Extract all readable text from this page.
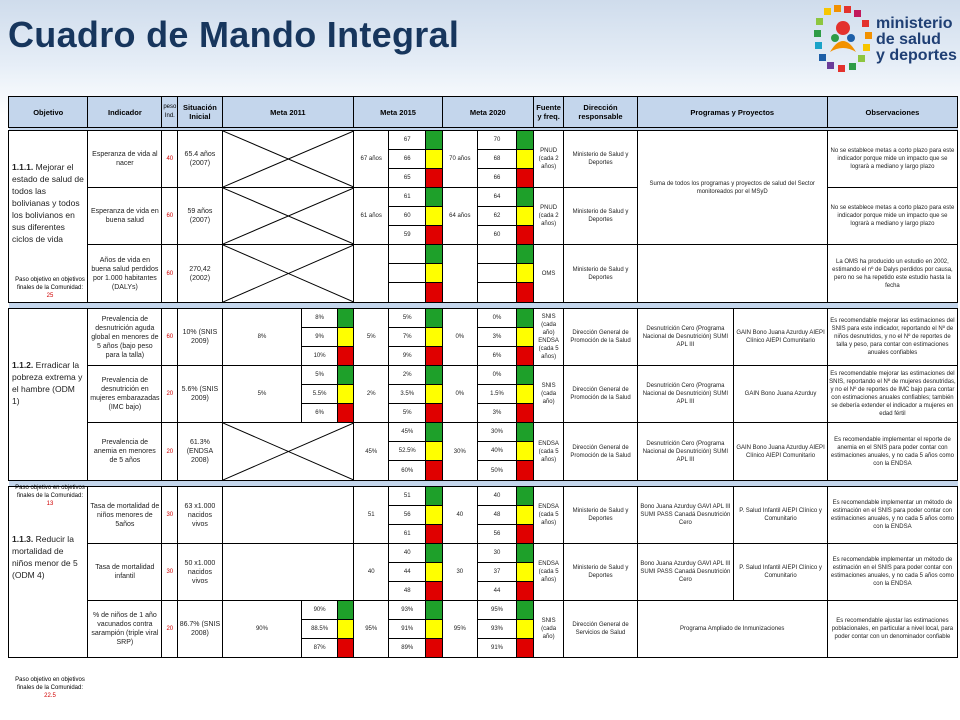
Cuadro de Mando Integral	ministerio
de salud
y deportes
Objetivo	Indicador	peso Ind.	Situación Inicial	Meta 2011			Meta 2015			Meta 2020			Fuente y freq.	Dirección responsable	Programas y Proyectos		Observaciones

1.1.1. Mejorar el estado de salud de todos las bolivianas y todos los bolivianos en sus diferentes ciclos de vida	Esperanza de vida al nacer	40	65.4 años (2007)				67 años	67		70 años	70		PNUD (cada 2 años)	Ministerio de Salud y Deportes	Suma de todos los programas y proyectos de salud del Sector monitoreados por el MSyD		No se establece metas a corto plazo para este indicador porque mide un impacto que se lograrà a mediano y largo plazo
								66			68						
								65			66						
	Esperanza de vida en buena salud	60	59 años (2007)				61 años	61		64 años	64		PNUD (cada 2 años)	Ministerio de Salud y Deportes			No se establece metas a corto plazo para este indicador porque mide un impacto que se lograrà a mediano y largo plazo
								60			62						
								59			60						
	Años de vida en buena salud perdidos por 1.000 habitantes (DALYs)	60	270,42 (2002)										OMS	Ministerio de Salud y Deportes			La OMS ha producido un estudio en 2002, estimando el nº de Dalys perdidos por causa, pero no se ha repetido este estudio hasta la fecha

1.1.2. Erradicar la pobreza extrema y el hambre (ODM 1)	Prevalencia de desnutrición aguda global en menores de 5 años (bajo peso para la talla)	60	10% (SNIS 2009)	8%	8%		5%	5%		0%	0%		SNIS (cada año) ENDSA (cada 5 años)	Dirección General de Promoción de la Salud	Desnutrición Cero (Programa Nacional de Desnutrición) SUMI APL III	GAIN Bono Juana Azurduy AIEPI Clínico AIEPI Comunitario	Es recomendable mejorar las estimaciones del SNIS para este indicador, reportando el Nº de niños desnutridos, y no el Nº de reportes de talla y peso, para contar con estimaciones anuales confiables
					9%			7%			3%						
					10%			9%			6%						
	Prevalencia de desnutrición en mujeres embarazadas (IMC bajo)	20	5.6% (SNIS 2009)	5%	5%		2%	2%		0%	0%		SNIS (cada año)	Dirección General de Promoción de la Salud	Desnutrición Cero (Programa Nacional de Desnutrición) SUMI APL III	GAIN Bono Juana Azurduy	Es recomendable mejorar las estimaciones del SNIS, reportando el Nº de mujeres desnutridas, y no el Nº de reportes de IMC bajo para contar con estimaciones anuales confiables; también se debería extender el indicador a mujeres en edad fértil
					5.5%			3.5%			1.5%						
					6%			5%			3%						
	Prevalencia de anemia en menores de 5 años	20	61.3% (ENDSA 2008)				45%	45%		30%	30%		ENDSA (cada 5 años)	Dirección General de Promoción de la Salud	Desnutrición Cero (Programa Nacional de Desnutrición) SUMI APL III	GAIN Bono Juana Azurduy AIEPI Clínico AIEPI Comunitario	Es recomendable implementar el reporte de anemia en el SNIS para poder contar con estimaciones anuales, y no cada 5 años como con la ENDSA
								52.5%			40%						
								60%			50%						

1.1.3. Reducir la mortalidad de niños menor de 5 (ODM 4)	Tasa de mortalidad de niños menores de 5años	30	63 x1.000 nacidos vivos				51	51		40	40		ENDSA (cada 5 años)	Ministerio de Salud y Deportes	Bono Juana Azurduy GAVI APL III SUMI PASS Canadá Desnutrición Cero	P. Salud Infantil AIEPI Clínico y Comunitario	Es recomendable implementar un método de estimación en el SNIS para poder contar con estimaciones anuales, y no cada 5 años como con la ENDSA
								56			48						
								61			56						
	Tasa de mortalidad infantil	30	50 x1.000 nacidos vivos				40	40		30	30		ENDSA (cada 5 años)	Ministerio de Salud y Deportes	Bono Juana Azurduy GAVI APL III SUMI PASS Canadá Desnutrición Cero	P. Salud Infantil AIEPI Clínico y Comunitario	Es recomendable implementar un método de estimación en el SNIS para poder contar con estimaciones anuales, y no cada 5 años como con la ENDSA
								44			37						
								48			44						
	% de niños de 1 año vacunados contra sarampión (triple viral SRP)	20	86.7% (SNIS 2008)	90%	90%		95%	93%		95%	95%		SNIS (cada año)	Dirección General de Servicios de Salud	Programa Ampliado de Inmunizaciones		Es recomendable ajustar las estimaciones poblacionales, en particular a nivel local, para poder contar con un denominador confiable
					88.5%			91%			93%						
					87%			89%			91%						
Paso objetivo en objetivos finales de la Comunidad:
25
Paso objetivo en objetivos finales de la Comunidad:
13
Paso objetivo en objetivos finales de la Comunidad:
22.5
